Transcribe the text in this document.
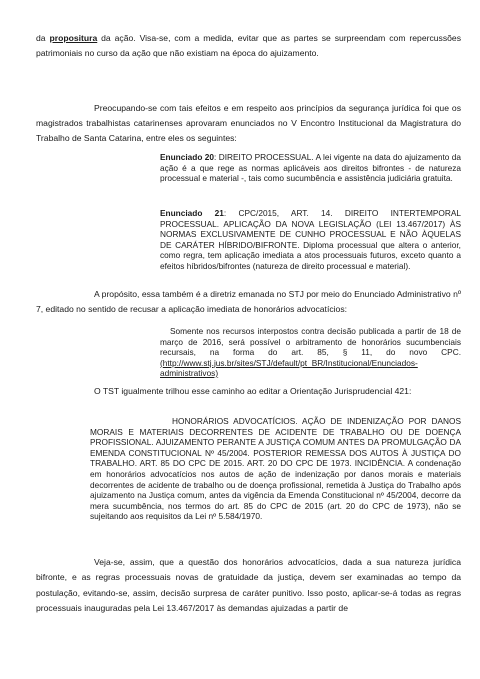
da propositura da ação. Visa-se, com a medida, evitar que as partes se surpreendam com repercussões patrimoniais no curso da ação que não existiam na época do ajuizamento.
Preocupando-se com tais efeitos e em respeito aos princípios da segurança jurídica foi que os magistrados trabalhistas catarinenses aprovaram enunciados no V Encontro Institucional da Magistratura do Trabalho de Santa Catarina, entre eles os seguintes:
Enunciado 20: DIREITO PROCESSUAL. A lei vigente na data do ajuizamento da ação é a que rege as normas aplicáveis aos direitos bifrontes - de natureza processual e material -, tais como sucumbência e assistência judiciária gratuita.
Enunciado 21: CPC/2015, ART. 14. DIREITO INTERTEMPORAL PROCESSUAL. APLICAÇÃO DA NOVA LEGISLAÇÃO (LEI 13.467/2017) ÀS NORMAS EXCLUSIVAMENTE DE CUNHO PROCESSUAL E NÃO ÀQUELAS DE CARÁTER HÍBRIDO/BIFRONTE. Diploma processual que altera o anterior, como regra, tem aplicação imediata a atos processuais futuros, exceto quanto a efeitos híbridos/bifrontes (natureza de direito processual e material).
A propósito, essa também é a diretriz emanada no STJ por meio do Enunciado Administrativo nº 7, editado no sentido de recusar a aplicação imediata de honorários advocatícios:
Somente nos recursos interpostos contra decisão publicada a partir de 18 de março de 2016, será possível o arbitramento de honorários sucumbenciais recursais, na forma do art. 85, § 11, do novo CPC. (http://www.stj.jus.br/sites/STJ/default/pt_BR/Institucional/Enunciados-administrativos)
O TST igualmente trilhou esse caminho ao editar a Orientação Jurisprudencial 421:
HONORÁRIOS ADVOCATÍCIOS. AÇÃO DE INDENIZAÇÃO POR DANOS MORAIS E MATERIAIS DECORRENTES DE ACIDENTE DE TRABALHO OU DE DOENÇA PROFISSIONAL. AJUIZAMENTO PERANTE A JUSTIÇA COMUM ANTES DA PROMULGAÇÃO DA EMENDA CONSTITUCIONAL Nº 45/2004. POSTERIOR REMESSA DOS AUTOS À JUSTIÇA DO TRABALHO. ART. 85 DO CPC DE 2015. ART. 20 DO CPC DE 1973. INCIDÊNCIA. A condenação em honorários advocatícios nos autos de ação de indenização por danos morais e materiais decorrentes de acidente de trabalho ou de doença profissional, remetida à Justiça do Trabalho após ajuizamento na Justiça comum, antes da vigência da Emenda Constitucional nº 45/2004, decorre da mera sucumbência, nos termos do art. 85 do CPC de 2015 (art. 20 do CPC de 1973), não se sujeitando aos requisitos da Lei nº 5.584/1970.
Veja-se, assim, que a questão dos honorários advocatícios, dada a sua natureza jurídica bifronte, e as regras processuais novas de gratuidade da justiça, devem ser examinadas ao tempo da postulação, evitando-se, assim, decisão surpresa de caráter punitivo. Isso posto, aplicar-se-á todas as regras processuais inauguradas pela Lei 13.467/2017 às demandas ajuizadas a partir de
